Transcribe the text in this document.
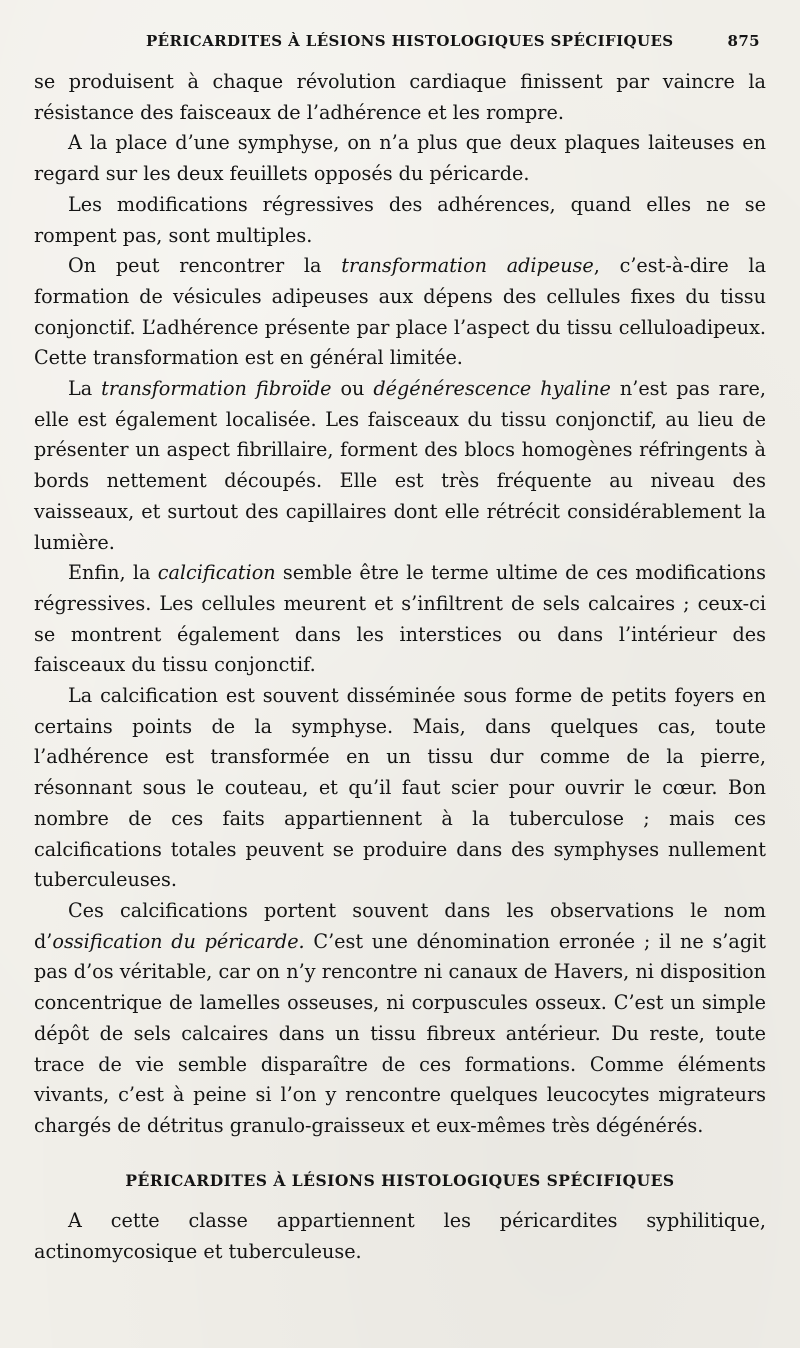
PÉRICARDITES À LÉSIONS HISTOLOGIQUES SPÉCIFIQUES	875

se produisent à chaque révolution cardiaque finissent par vaincre la résistance des faisceaux de l’adhérence et les rompre.

A la place d’une symphyse, on n’a plus que deux plaques laiteuses en regard sur les deux feuillets opposés du péricarde.

Les modifications régressives des adhérences, quand elles ne se rompent pas, sont multiples.

On peut rencontrer la transformation adipeuse, c’est-à-dire la formation de vésicules adipeuses aux dépens des cellules fixes du tissu conjonctif. L’adhérence présente par place l’aspect du tissu celluloadipeux. Cette transformation est en général limitée.

La transformation fibroïde ou dégénérescence hyaline n’est pas rare, elle est également localisée. Les faisceaux du tissu conjonctif, au lieu de présenter un aspect fibrillaire, forment des blocs homogènes réfringents à bords nettement découpés. Elle est très fréquente au niveau des vaisseaux, et surtout des capillaires dont elle rétrécit considérablement la lumière.

Enfin, la calcification semble être le terme ultime de ces modifications régressives. Les cellules meurent et s’infiltrent de sels calcaires ; ceux-ci se montrent également dans les interstices ou dans l’intérieur des faisceaux du tissu conjonctif.

La calcification est souvent disséminée sous forme de petits foyers en certains points de la symphyse. Mais, dans quelques cas, toute l’adhérence est transformée en un tissu dur comme de la pierre, résonnant sous le couteau, et qu’il faut scier pour ouvrir le cœur. Bon nombre de ces faits appartiennent à la tuberculose ; mais ces calcifications totales peuvent se produire dans des symphyses nullement tuberculeuses.

Ces calcifications portent souvent dans les observations le nom d’ossification du péricarde. C’est une dénomination erronée ; il ne s’agit pas d’os véritable, car on n’y rencontre ni canaux de Havers, ni disposition concentrique de lamelles osseuses, ni corpuscules osseux. C’est un simple dépôt de sels calcaires dans un tissu fibreux antérieur. Du reste, toute trace de vie semble disparaître de ces formations. Comme éléments vivants, c’est à peine si l’on y rencontre quelques leucocytes migrateurs chargés de détritus granulo-graisseux et eux-mêmes très dégénérés.

PÉRICARDITES À LÉSIONS HISTOLOGIQUES SPÉCIFIQUES

A cette classe appartiennent les péricardites syphilitique, actinomycosique et tuberculeuse.
